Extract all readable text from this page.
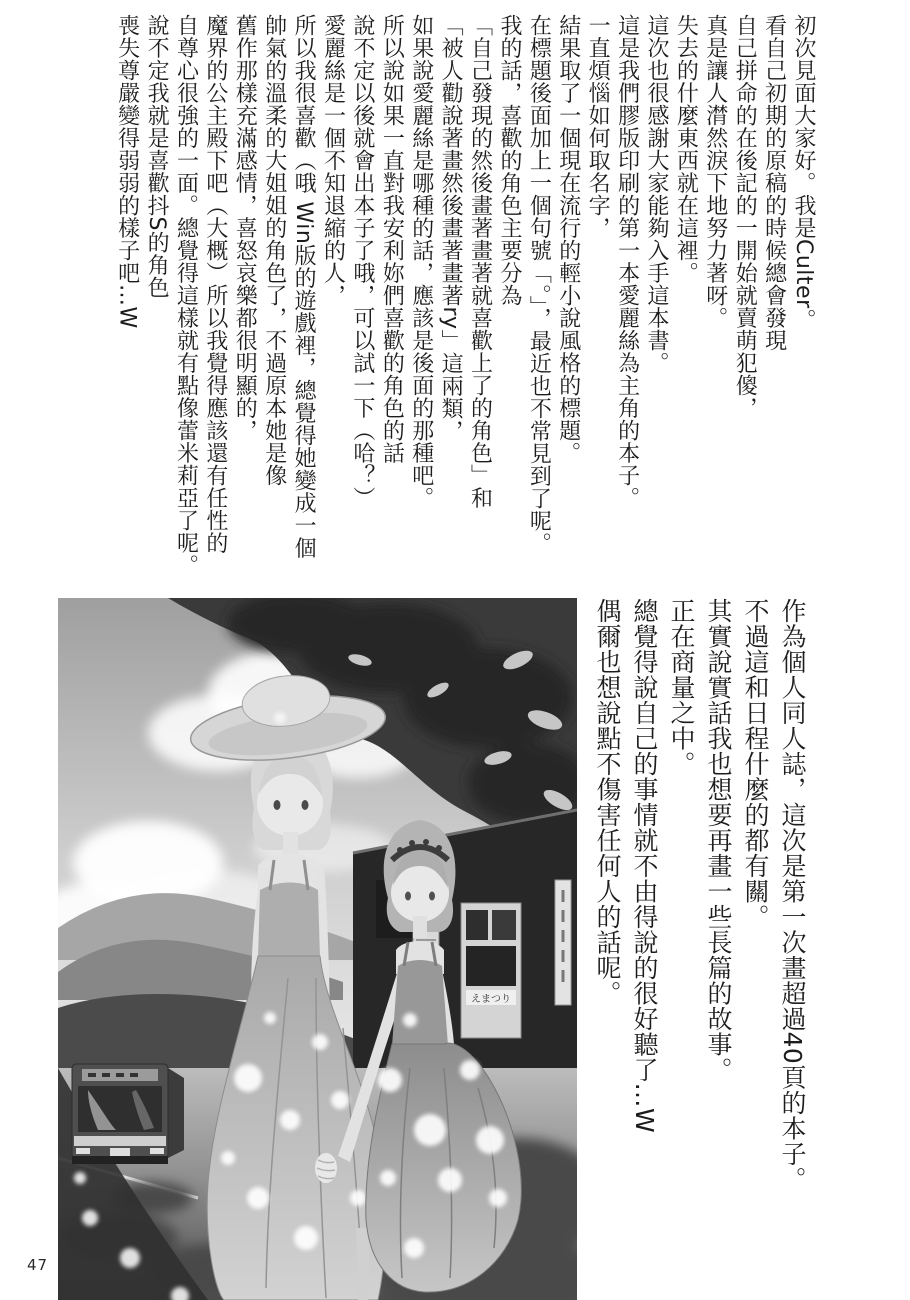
初次見面大家好。我是Culter。
看自己初期的原稿的時候總會發現
自己拼命的在後記的一開始就賣萌犯傻，
真是讓人潸然淚下地努力著呀。
失去的什麼東西就在這裡。
這次也很感謝大家能夠入手這本書。
這是我們膠版印刷的第一本愛麗絲為主角的本子。
一直煩惱如何取名字，
結果取了一個現在流行的輕小說風格的標題。
在標題後面加上一個句號「。」，最近也不常見到了呢。
我的話，喜歡的角色主要分為
「自己發現的然後畫著畫著就喜歡上了的角色」和
「被人勸說著畫然後畫著畫著ry」這兩類，
如果說愛麗絲是哪種的話，應該是後面的那種吧。
所以說如果一直對我安利妳們喜歡的角色的話
說不定以後就會出本子了哦，可以試一下（哈？）
愛麗絲是一個不知退縮的人，
所以我很喜歡（哦 Win版的遊戲裡，總覺得她變成一個
帥氣的溫柔的大姐姐的角色了，不過原本她是像
舊作那樣充滿感情，喜怒哀樂都很明顯的，
魔界的公主殿下吧（大概）所以我覺得應該還有任性的
自尊心很強的一面。總覺得這樣就有點像蕾米莉亞了呢。
說不定我就是喜歡抖S的角色
喪失尊嚴變得弱弱的樣子吧…W
作為個人同人誌，這次是第一次畫超過40頁的本子。
不過這和日程什麼的都有關。
其實說實話我也想要再畫一些長篇的故事。
正在商量之中。
總覺得說自己的事情就不由得說的很好聽了…W
偶爾也想說點不傷害任何人的話呢。
えまつり
47
